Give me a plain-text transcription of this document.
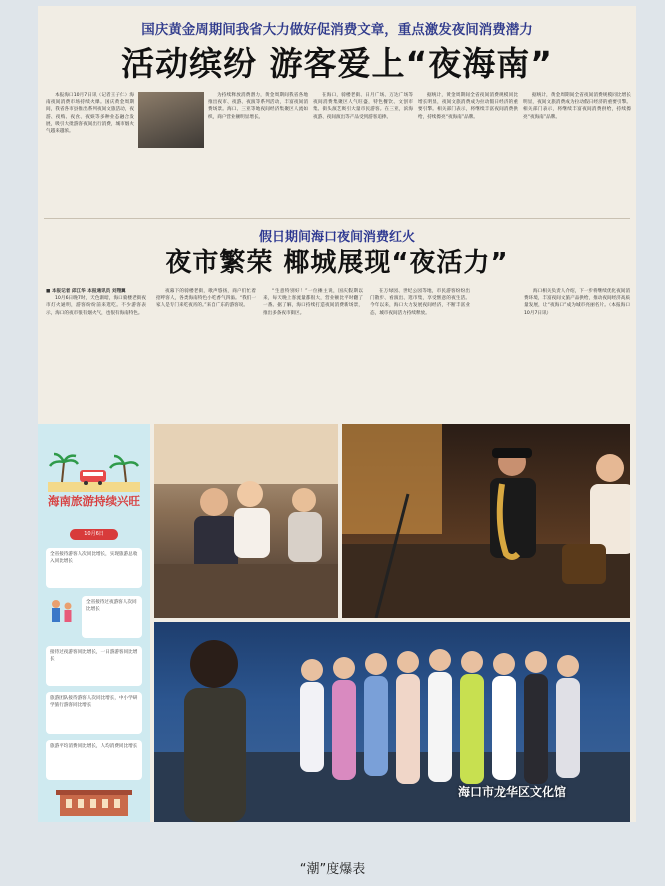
国庆黄金周期间我省大力做好促消费文章，重点激发夜间消费潜力
活动缤纷 游客爱上“夜海南”

本报海口10月7日讯（记者王子仁）海南夜间消费市场持续火爆。国庆黄金周期间，我省各市县推出系列夜间文旅活动，夜游、夜购、夜食、夜娱等多种业态融合发展，吸引大批游客夜间出行消费，城市烟火气越来越浓。

为持续释放消费潜力，黄金周期间我省各地推出夜市、夜游、夜演等系列活动，丰富夜间消费场景。海口、三亚等地夜间经济集聚区人流如织，商户营业额明显增长。

在海口，骑楼老街、日月广场、万达广场等夜间消费集聚区人气旺盛，特色餐饮、文创市集、街头演艺吸引大量市民游客。在三亚，滨海夜游、夜间演出等产品受到游客追捧。

据统计，黄金周期间全省夜间消费规模同比增长明显，夜间文旅消费成为拉动假日经济的重要引擎。相关部门表示，将继续丰富夜间消费供给，持续擦亮“夜海南”品牌。

据统计，黄金周期间全省夜间消费规模同比增长明显，夜间文旅消费成为拉动假日经济的重要引擎。相关部门表示，将继续丰富夜间消费供给，持续擦亮“夜海南”品牌。

假日期间海口夜间消费红火
夜市繁荣 椰城展现“夜活力”

■ 本报记者 邱江华 本报通讯员 刘翔翼

10月6日晚7时，天色渐暗，海口骑楼老街夜市灯火通明，游客纷纷前来逛吃。不少游客表示，海口的夜市很有烟火气，也很有海南特色。

夜幕下的骑楼老街，歌声悠扬，商户们忙着招呼客人，各类海南特色小吃香气四溢。“我们一家人是专门来吃夜宵的。”来自广东的游客说。

“生意特别好！”一位摊主说，国庆假期以来，每天晚上客流量都很大，营业额比平时翻了一番。据了解，海口持续打造夜间消费新场景，推出多条夜市街区。

在万绿园、世纪公园等地，市民游客纷纷出门散步、看演出、逛市集，享受惬意的夜生活。今年以来，海口大力发展夜间经济，不断丰富业态，城市夜间活力持续释放。

海口相关负责人介绍，下一步将继续优化夜间消费环境，丰富夜间文旅产品供给，推动夜间经济高质量发展，让“夜海口”成为城市亮丽名片。（本报海口10月7日讯）

海南旅游持续兴旺
10月6日
全省接待游客人次同比增长，实现旅游总收入同比增长
全省接待过夜游客人次同比增长
接待过夜游客同比增长，一日游游客同比增长
旅游团队接待游客人次同比增长，中小学研学旅行游客同比增长
旅游平均消费同比增长，人均消费同比增长
海口市龙华区文化馆
“潮”度爆表
